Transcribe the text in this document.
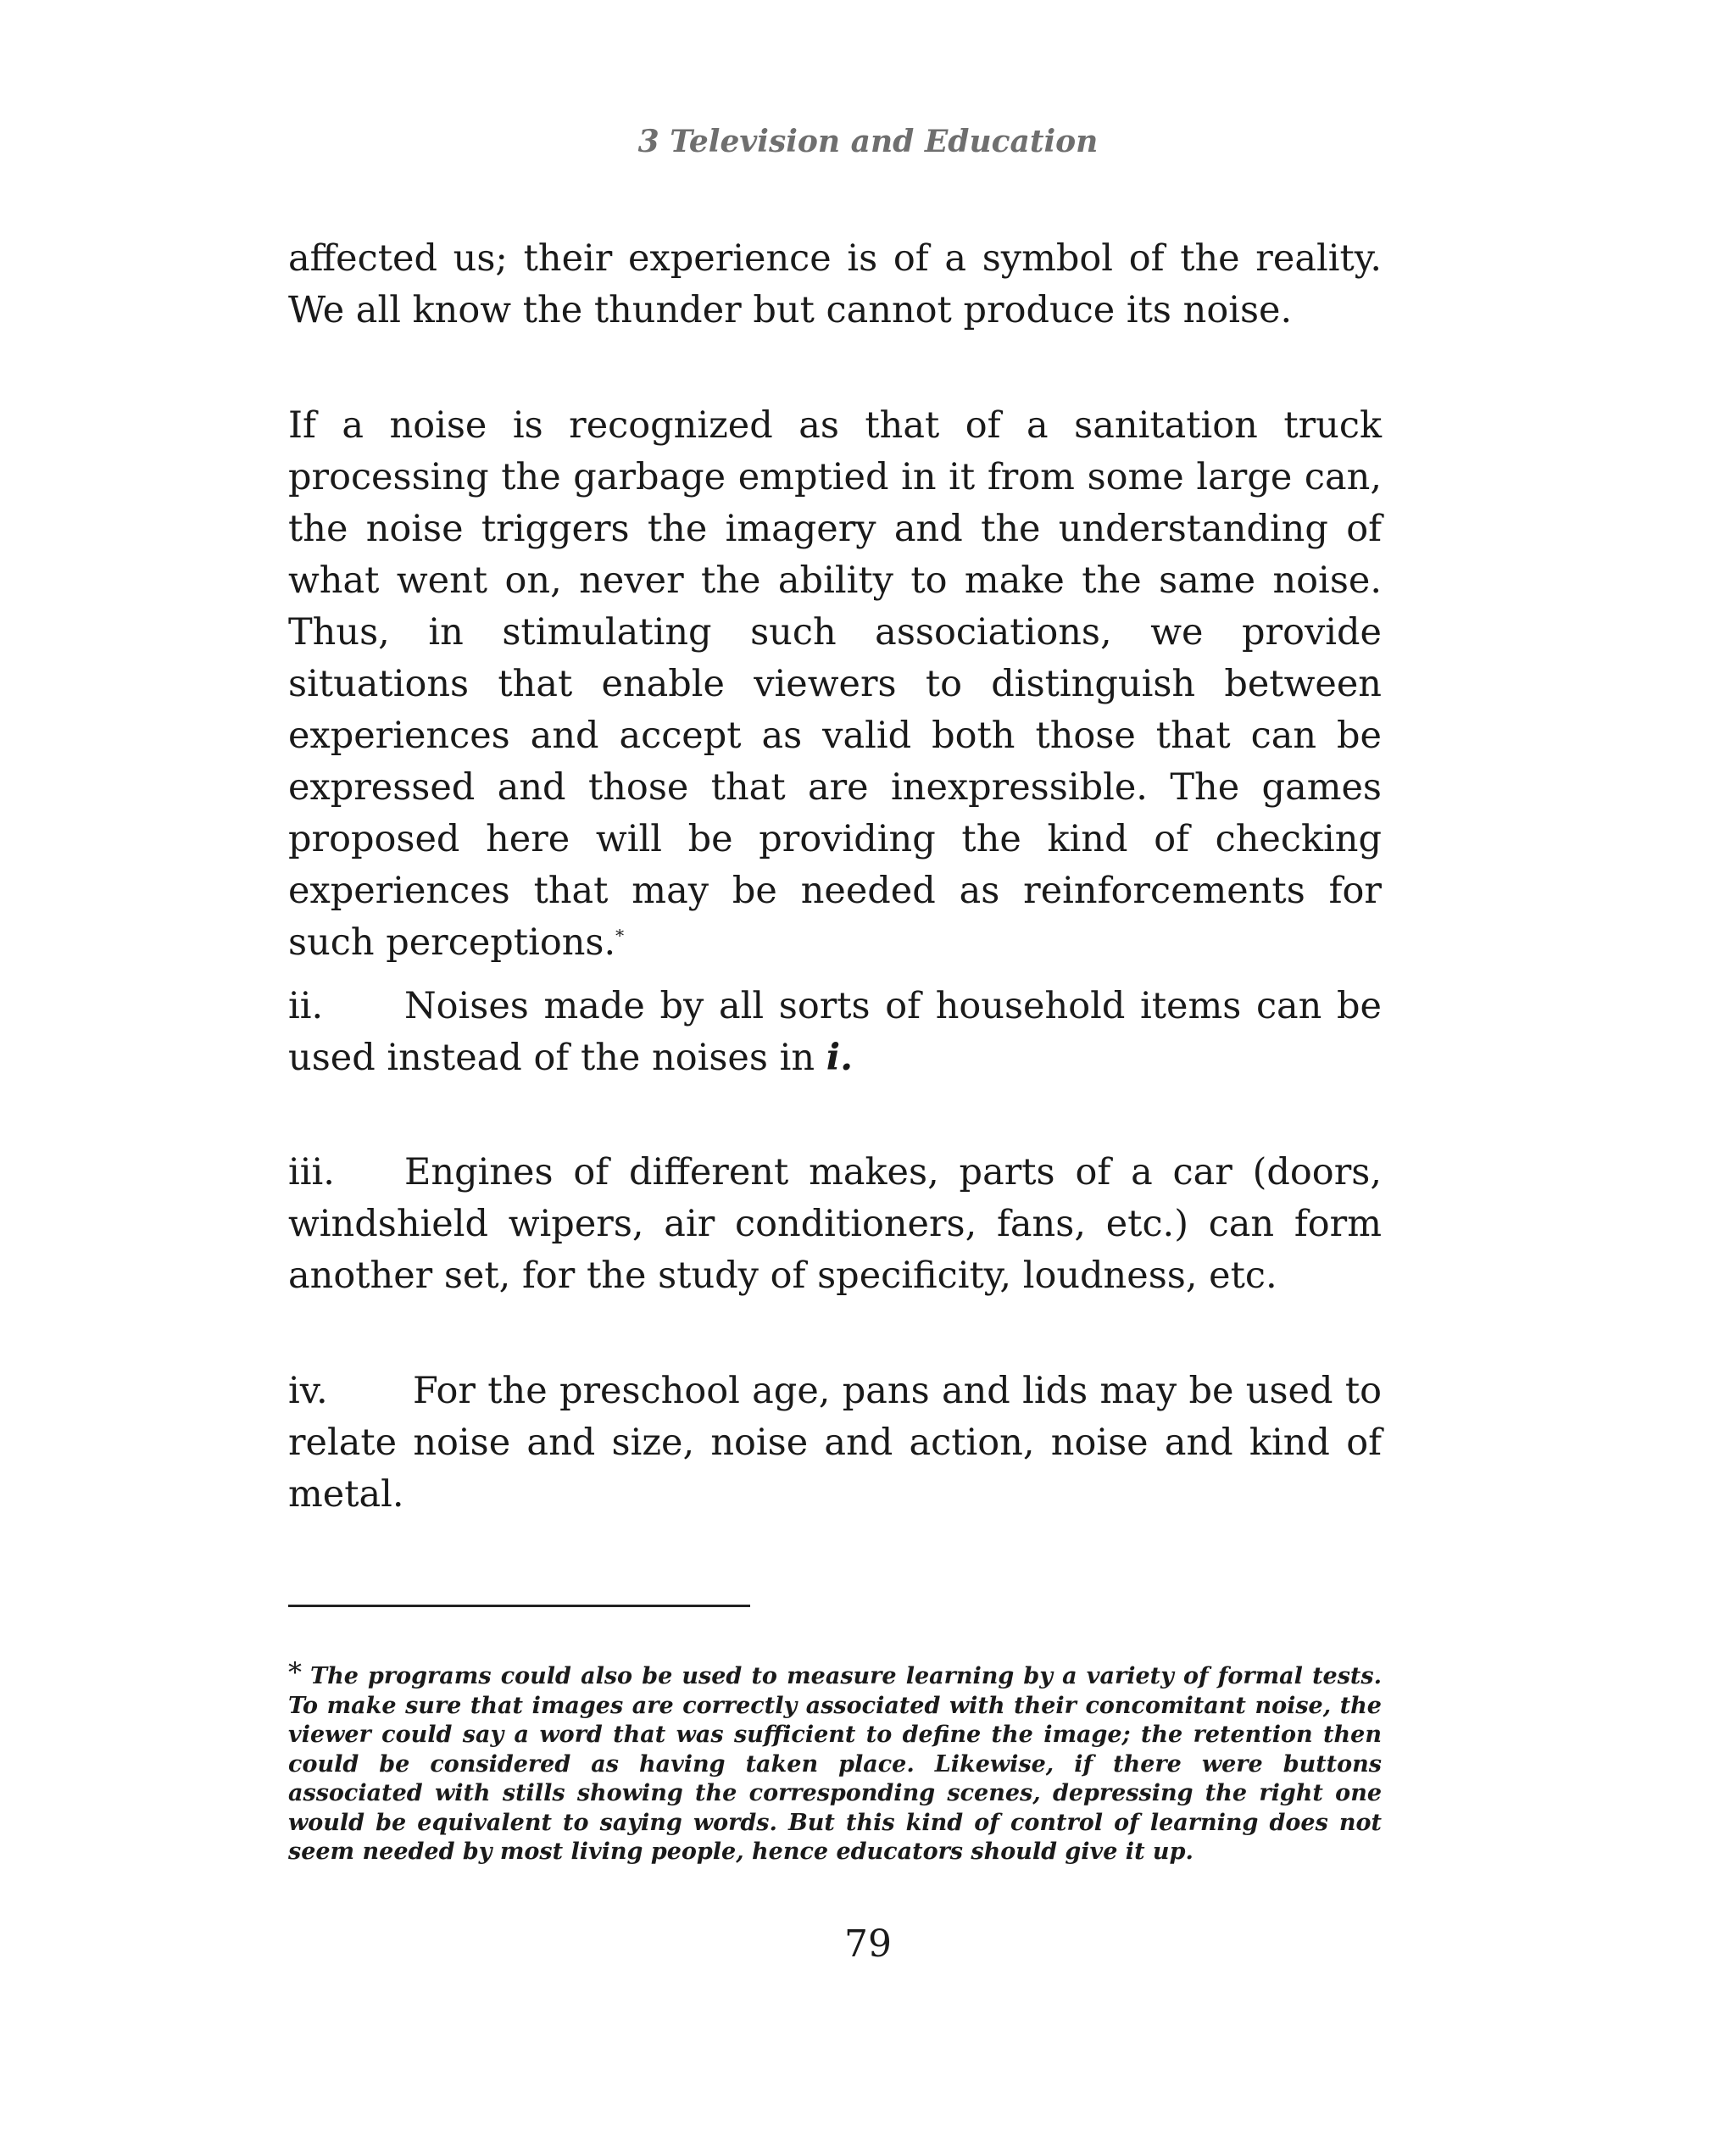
3 Television and Education

affected us; their experience is of a symbol of the reality. We all know the thunder but cannot produce its noise.

If a noise is recognized as that of a sanitation truck processing the garbage emptied in it from some large can, the noise triggers the imagery and the understanding of what went on, never the ability to make the same noise. Thus, in stimulating such associations, we provide situations that enable viewers to distinguish between experiences and accept as valid both those that can be expressed and those that are inexpressible. The games proposed here will be providing the kind of checking experiences that may be needed as reinforcements for such perceptions.*

ii. Noises made by all sorts of household items can be used instead of the noises in i.

iii. Engines of different makes, parts of a car (doors, windshield wipers, air conditioners, fans, etc.) can form another set, for the study of specificity, loudness, etc.

iv. For the preschool age, pans and lids may be used to relate noise and size, noise and action, noise and kind of metal.

* The programs could also be used to measure learning by a variety of formal tests. To make sure that images are correctly associated with their concomitant noise, the viewer could say a word that was sufficient to define the image; the retention then could be considered as having taken place. Likewise, if there were buttons associated with stills showing the corresponding scenes, depressing the right one would be equivalent to saying words. But this kind of control of learning does not seem needed by most living people, hence educators should give it up.

79
